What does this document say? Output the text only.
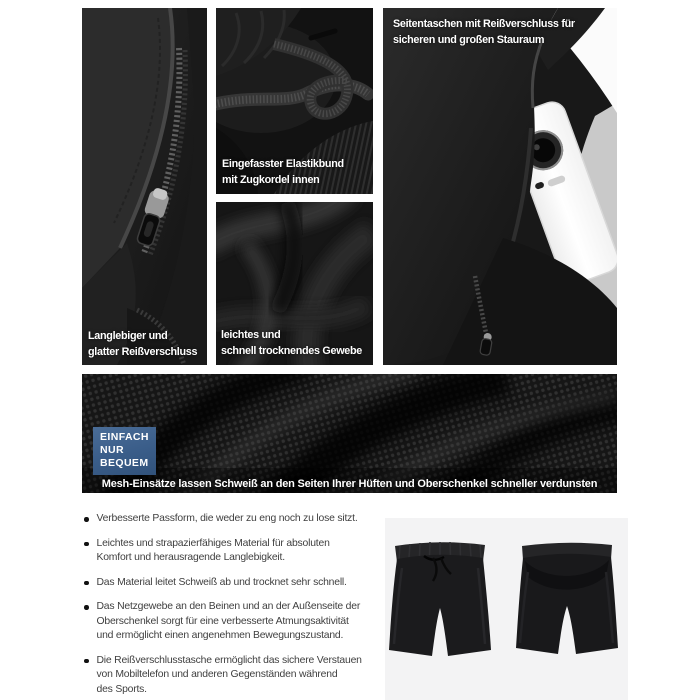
Langlebiger und
glatter Reißverschluss
Eingefasster Elastikbund
mit Zugkordel innen
leichtes und
schnell trocknendes Gewebe
Seitentaschen mit Reißverschluss für
sicheren und großen Stauraum
EINFACH
NUR
BEQUEM
Mesh-Einsätze lassen Schweiß an den Seiten Ihrer Hüften und Oberschenkel schneller verdunsten
Verbesserte Passform, die weder zu eng noch zu lose sitzt.
Leichtes und strapazierfähiges Material für absoluten
Komfort und herausragende Langlebigkeit.
Das Material leitet Schweiß ab und trocknet sehr schnell.
Das Netzgewebe an den Beinen und an der Außenseite der
Oberschenkel sorgt für eine verbesserte Atmungsaktivität
und ermöglicht einen angenehmen Bewegungszustand.
Die Reißverschlusstasche ermöglicht das sichere Verstauen
von Mobiltelefon und anderen Gegenständen während
des Sports.
